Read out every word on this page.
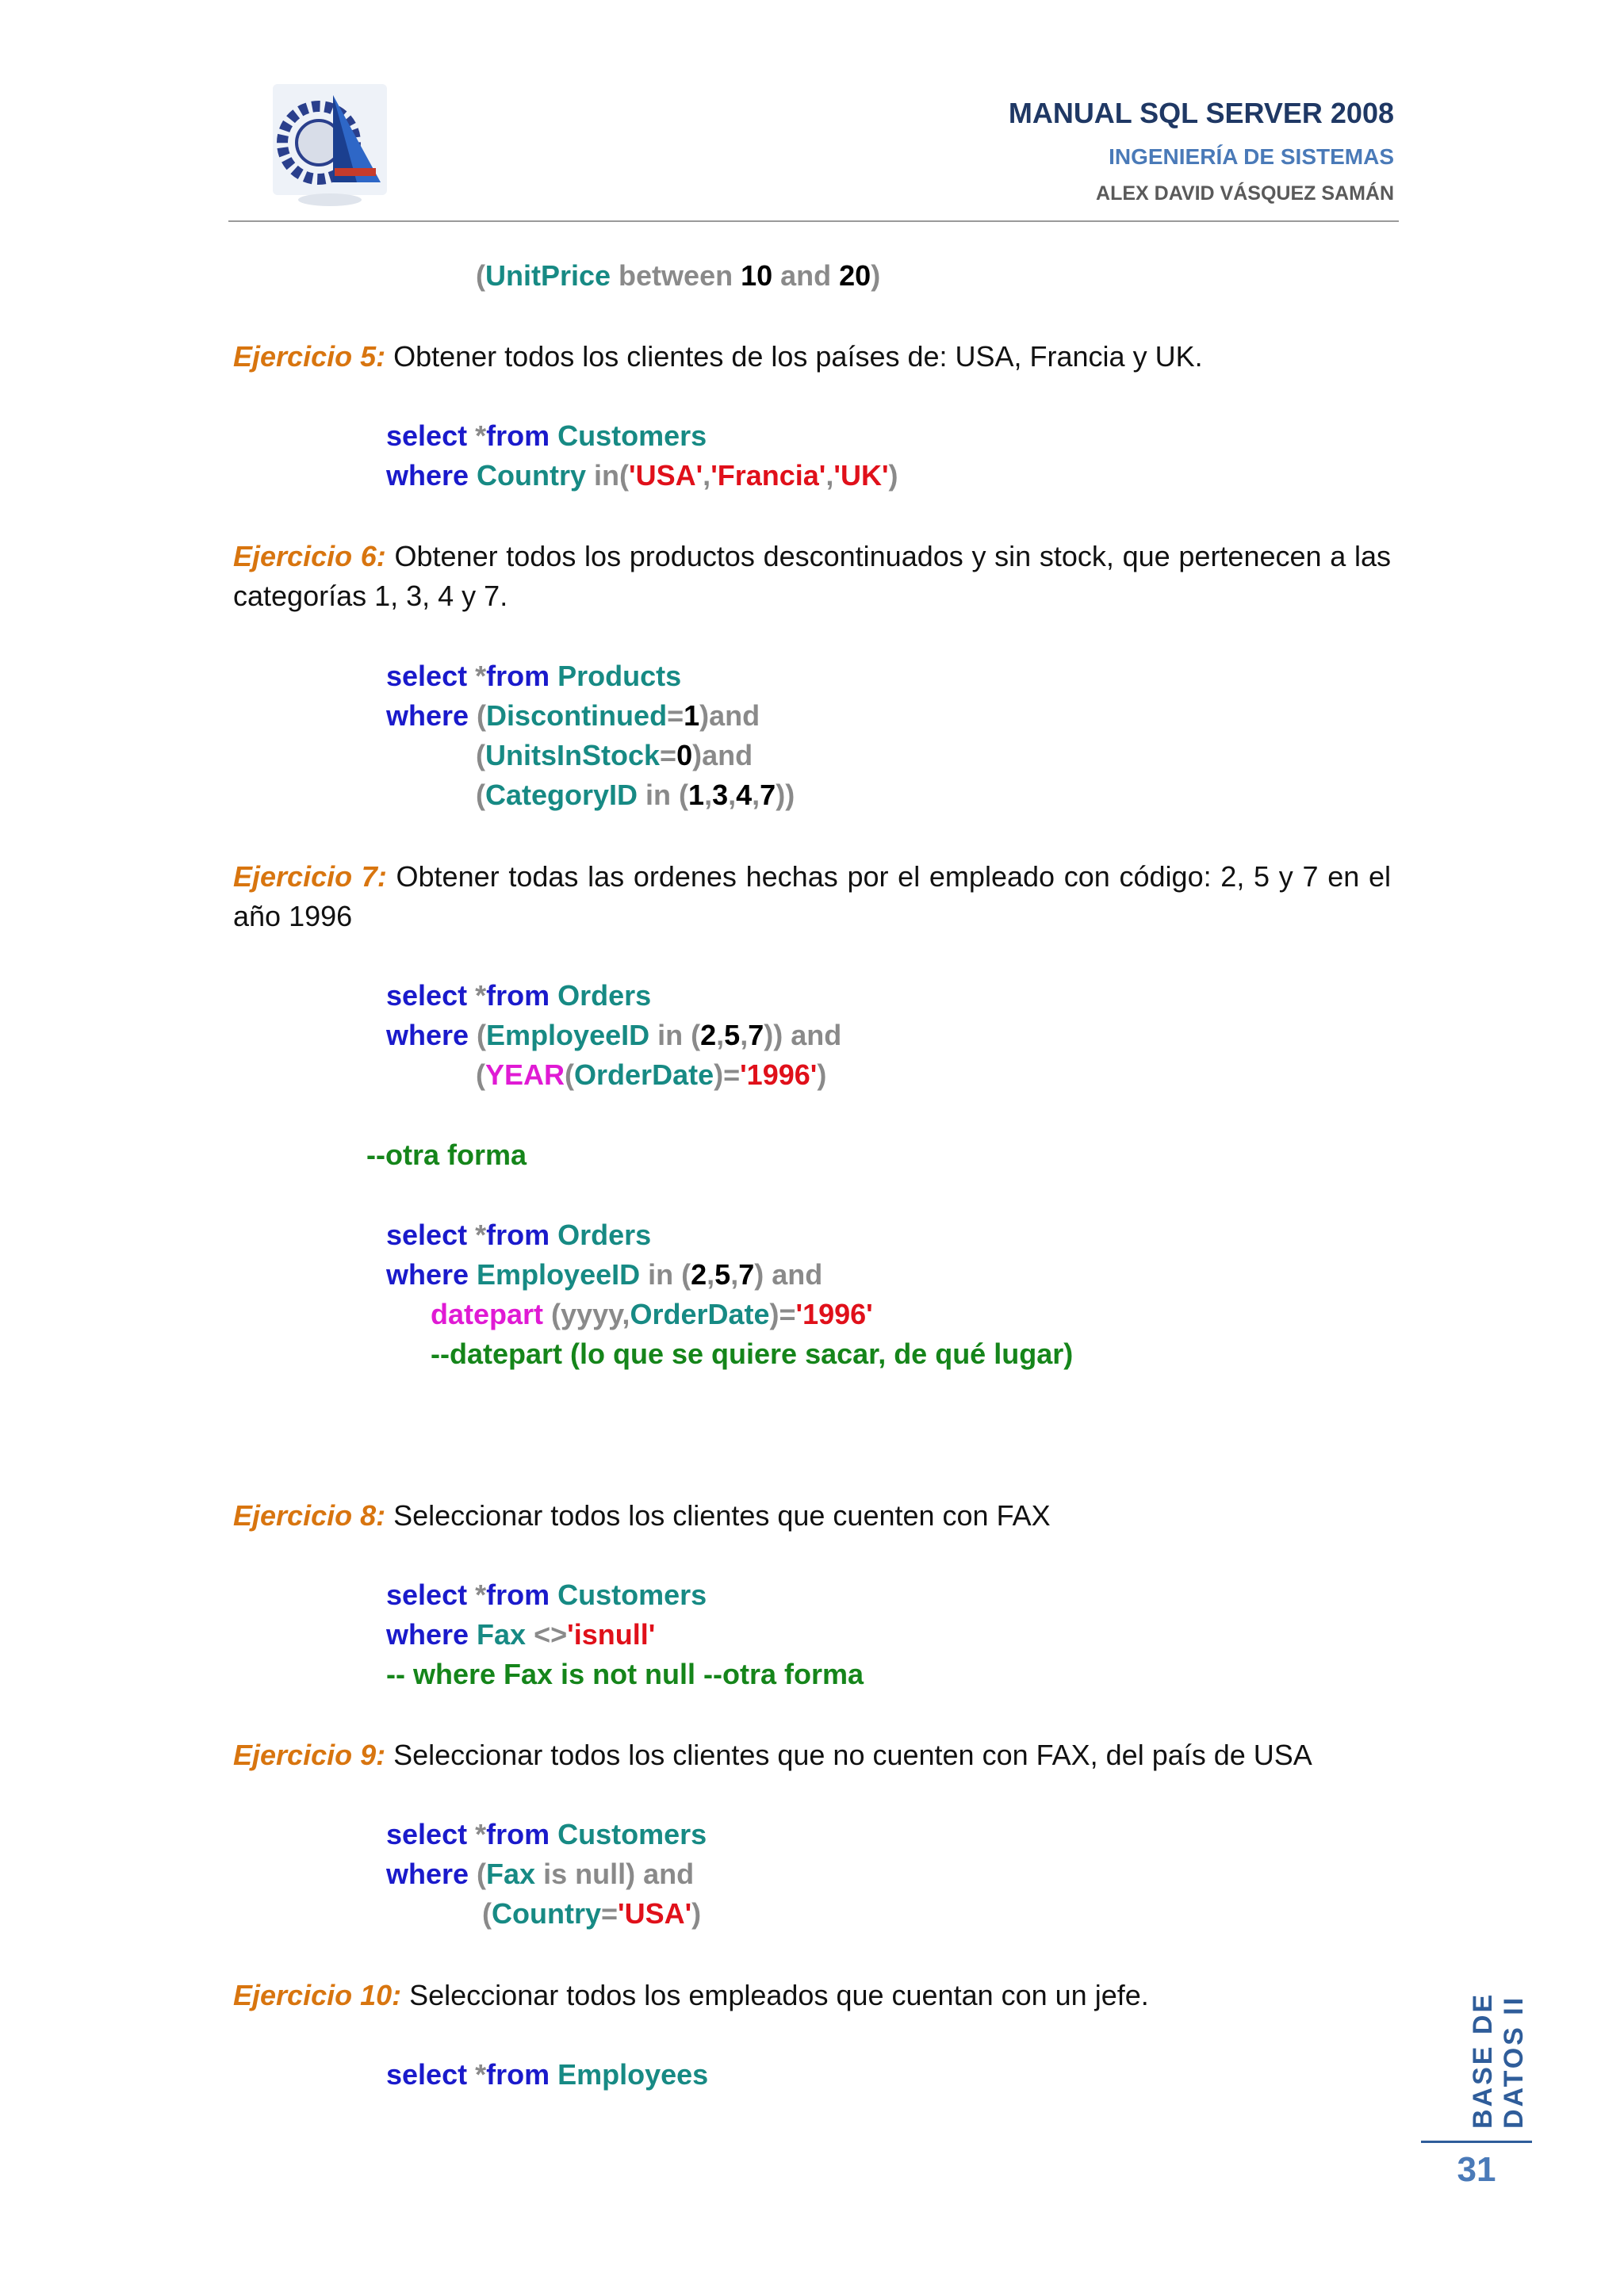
MANUAL SQL SERVER 2008
INGENIERÍA DE SISTEMAS
ALEX DAVID VÁSQUEZ SAMÁN
(UnitPrice between 10 and 20)
Ejercicio 5: Obtener todos los clientes de los países de: USA, Francia y UK.
select *from Customers
where Country in('USA','Francia','UK')
Ejercicio 6: Obtener todos los productos descontinuados y sin stock, que pertenecen a las categorías 1, 3, 4 y 7.
select *from Products
where (Discontinued=1)and
(UnitsInStock=0)and
(CategoryID in (1,3,4,7))
Ejercicio 7: Obtener todas las ordenes hechas por el empleado con código: 2, 5 y 7 en el año 1996
select *from Orders
where (EmployeeID in (2,5,7)) and
(YEAR(OrderDate)='1996')
--otra forma
select *from Orders
where EmployeeID in (2,5,7) and
datepart (yyyy,OrderDate)='1996'
--datepart (lo que se quiere sacar, de qué lugar)
Ejercicio 8: Seleccionar todos los clientes que cuenten con FAX
select *from Customers
where Fax <>'isnull'
-- where Fax is not null --otra forma
Ejercicio 9: Seleccionar todos los clientes que no cuenten con FAX, del país de USA
select *from Customers
where (Fax is null) and
(Country='USA')
Ejercicio 10: Seleccionar todos los empleados que cuentan con un jefe.
select *from Employees	BASE DE DATOS II
31
